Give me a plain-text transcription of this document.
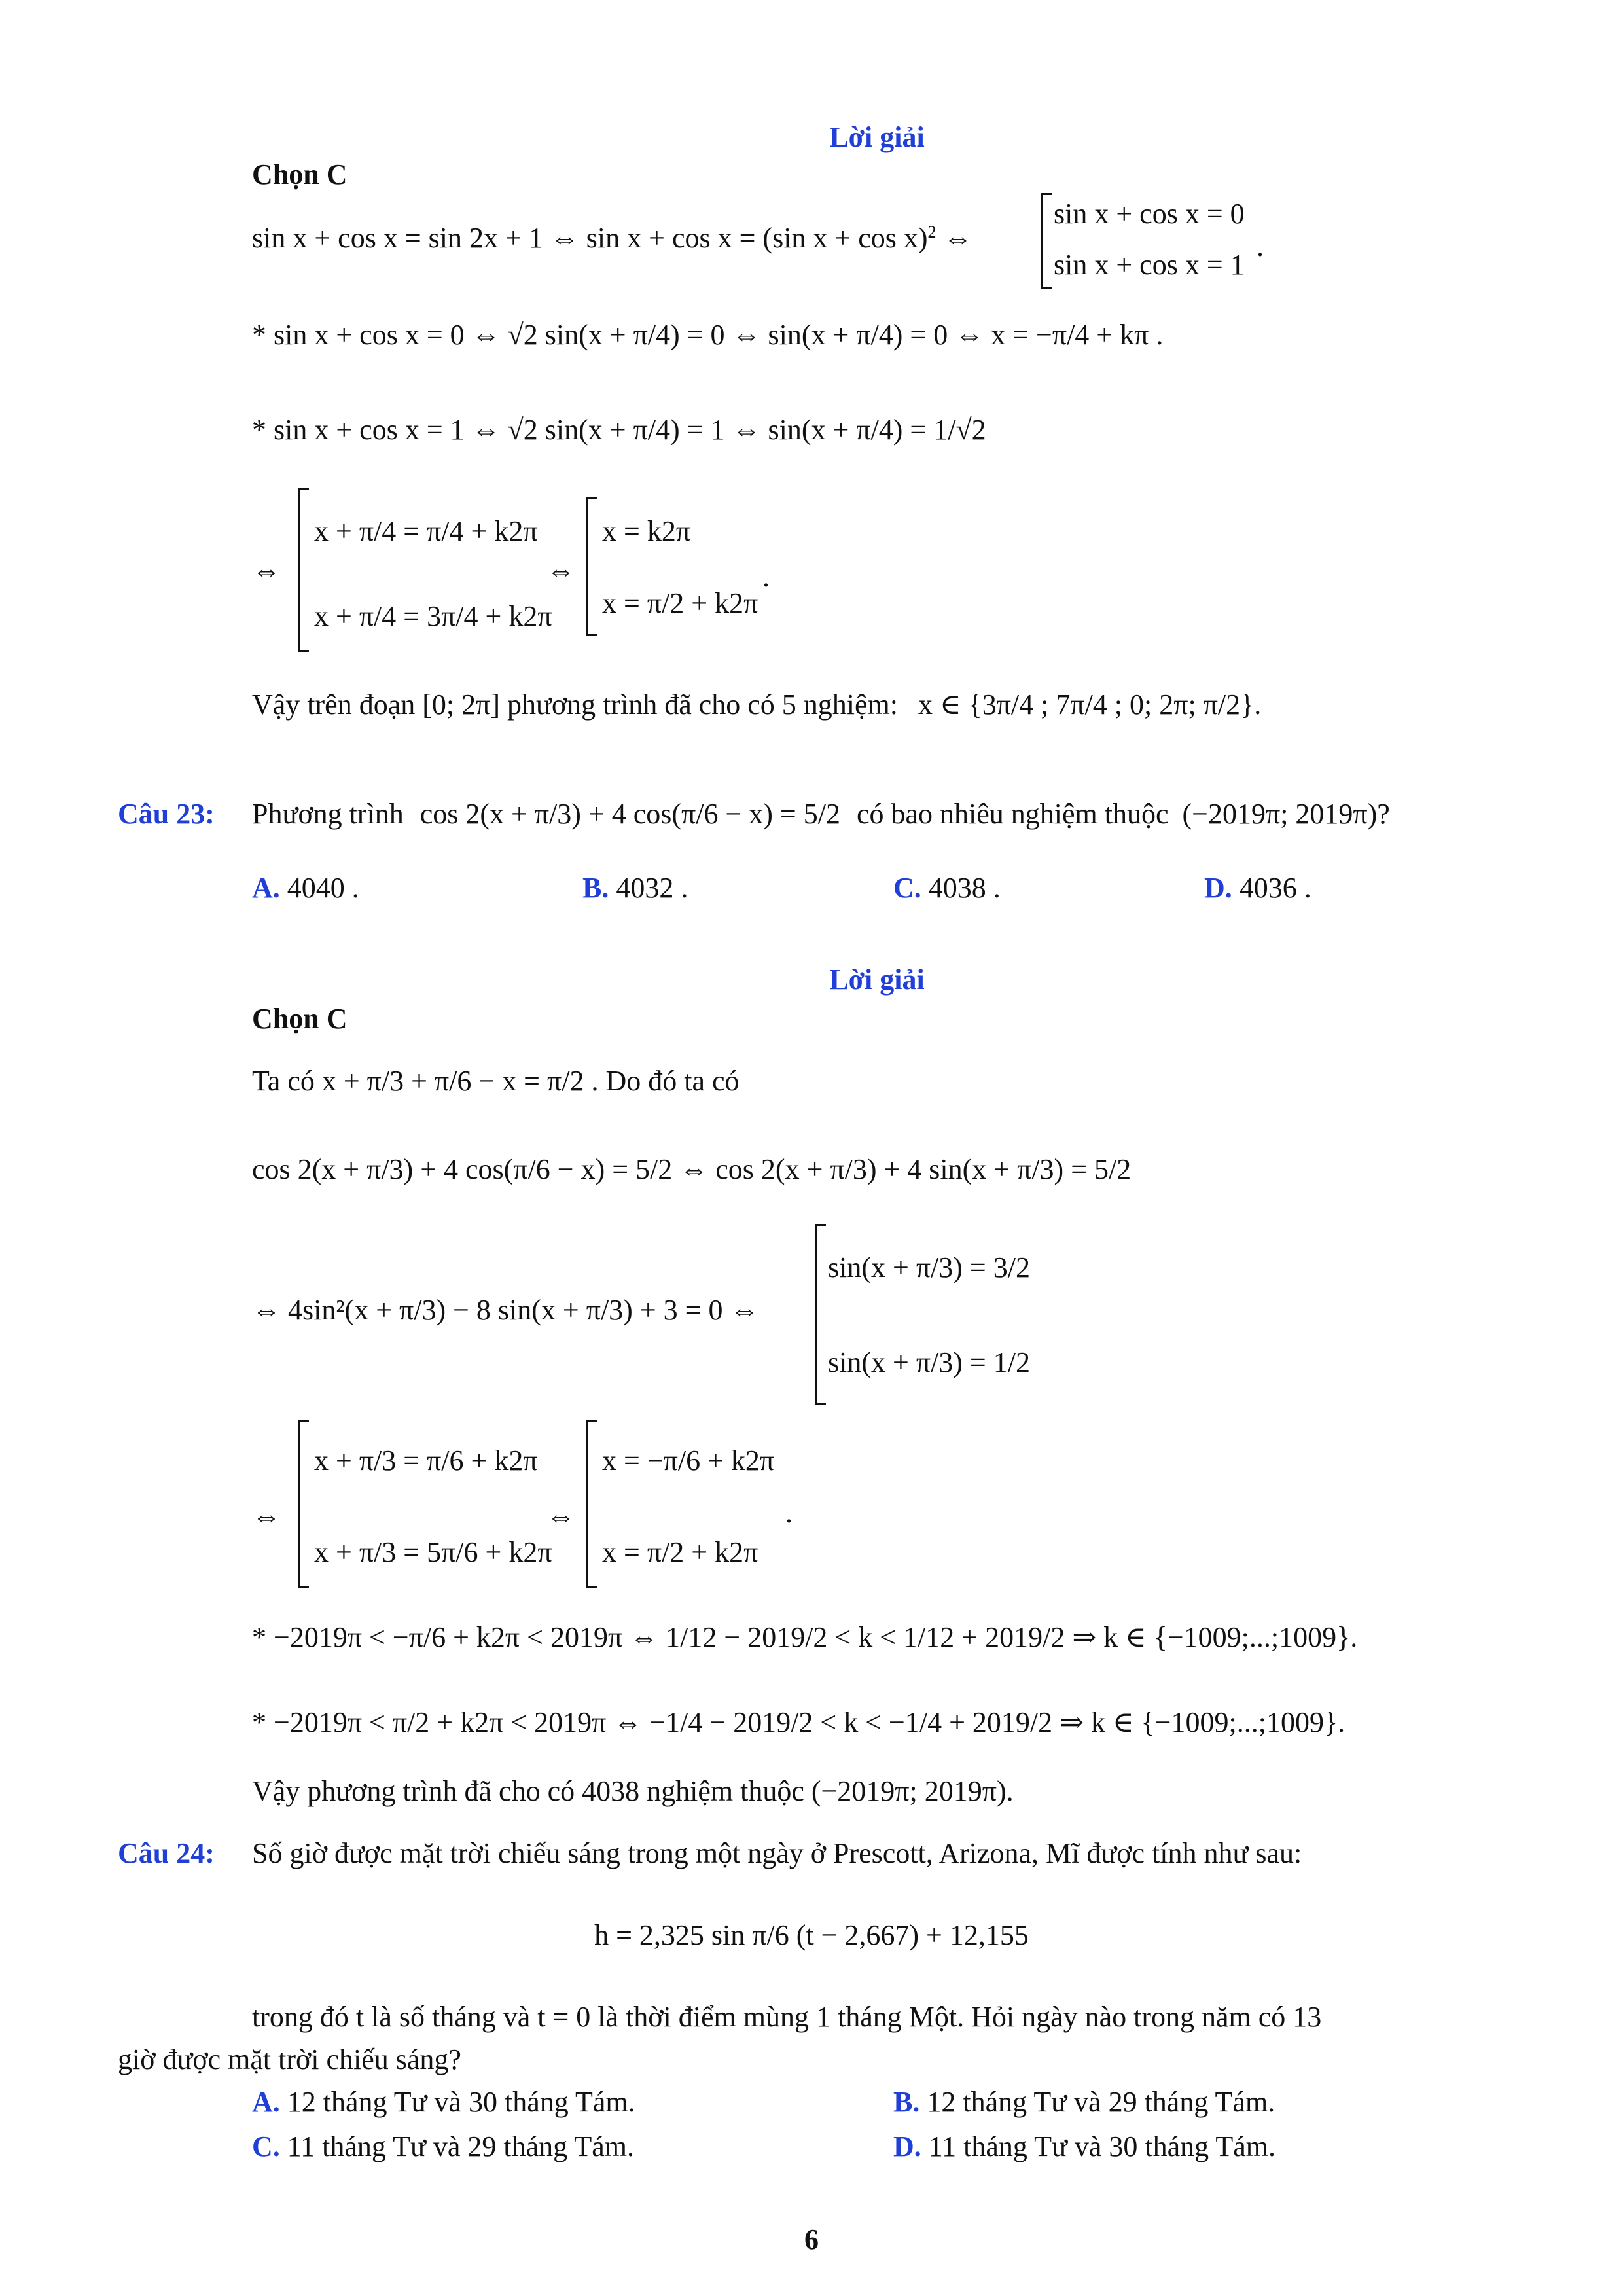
Lời giải
Chọn C
sin x + cos x = sin 2x + 1 ⇔ sin x + cos x = (sin x + cos x)$^2$ ⇔
sin x + cos x = 0
sin x + cos x = 1
.
* sin x + cos x = 0 ⇔ √2 sin(x + π/4) = 0 ⇔ sin(x + π/4) = 0 ⇔ x = −π/4 + kπ .
* sin x + cos x = 1 ⇔ √2 sin(x + π/4) = 1 ⇔ sin(x + π/4) = 1/√2
⇔
x + π/4 = π/4 + k2π
x + π/4 = 3π/4 + k2π
⇔
x = k2π
x = π/2 + k2π
.
Vậy trên đoạn [0; 2π] phương trình đã cho có 5 nghiệm: x ∈ {3π/4 ; 7π/4 ; 0; 2π; π/2}.
Câu 23: Phương trình cos 2(x + π/3) + 4 cos(π/6 − x) = 5/2 có bao nhiêu nghiệm thuộc (−2019π; 2019π)?
A. 4040 .	B. 4032 .	C. 4038 .	D. 4036 .
Lời giải
Chọn C
Ta có x + π/3 + π/6 − x = π/2 . Do đó ta có
cos 2(x + π/3) + 4 cos(π/6 − x) = 5/2 ⇔ cos 2(x + π/3) + 4 sin(x + π/3) = 5/2
⇔ 4sin²(x + π/3) − 8 sin(x + π/3) + 3 = 0 ⇔
sin(x + π/3) = 3/2
sin(x + π/3) = 1/2
⇔
x + π/3 = π/6 + k2π
x + π/3 = 5π/6 + k2π
⇔
x = −π/6 + k2π
x = π/2 + k2π
.
* −2019π < −π/6 + k2π < 2019π ⇔ 1/12 − 2019/2 < k < 1/12 + 2019/2 ⇒ k ∈ {−1009;...;1009}.
* −2019π < π/2 + k2π < 2019π ⇔ −1/4 − 2019/2 < k < −1/4 + 2019/2 ⇒ k ∈ {−1009;...;1009}.
Vậy phương trình đã cho có 4038 nghiệm thuộc (−2019π; 2019π).
Câu 24: Số giờ được mặt trời chiếu sáng trong một ngày ở Prescott, Arizona, Mĩ được tính như sau:
h = 2,325 sin π/6 (t − 2,667) + 12,155
trong đó t là số tháng và t = 0 là thời điểm mùng 1 tháng Một. Hỏi ngày nào trong năm có 13
giờ được mặt trời chiếu sáng?
A. 12 tháng Tư và 30 tháng Tám.	B. 12 tháng Tư và 29 tháng Tám.
C. 11 tháng Tư và 29 tháng Tám.	D. 11 tháng Tư và 30 tháng Tám.
6
